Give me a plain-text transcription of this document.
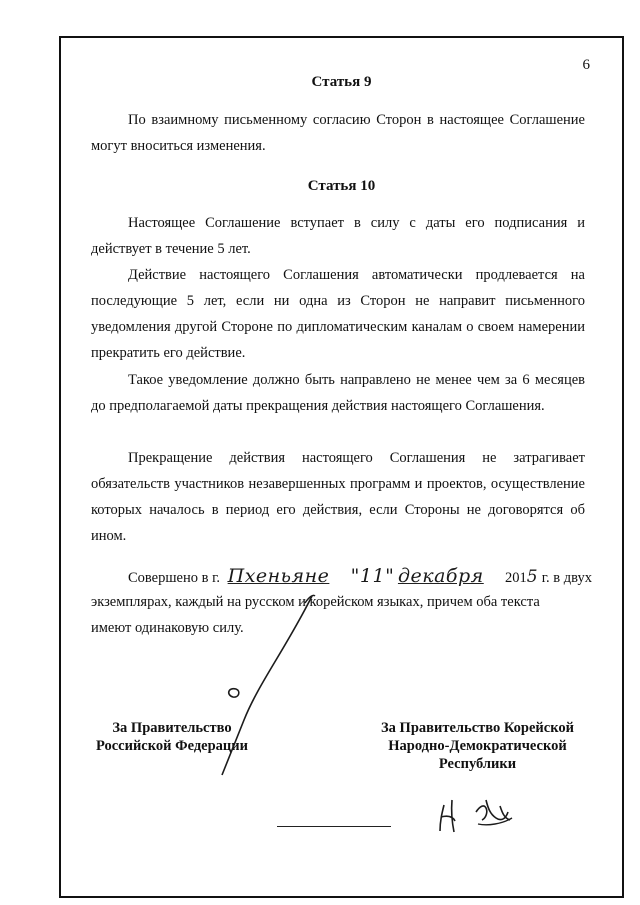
6
Статья 9

По взаимному письменному согласию Сторон в настоящее Соглашение могут вноситься изменения.

Статья 10

Настоящее Соглашение вступает в силу с даты его подписания и действует в течение 5 лет.

Действие настоящего Соглашения автоматически продлевается на последующие 5 лет, если ни одна из Сторон не направит письменного уведомления другой Стороне по дипломатическим каналам о своем намерении прекратить его действие.

Такое уведомление должно быть направлено не менее чем за 6 месяцев до предполагаемой даты прекращения действия настоящего Соглашения.

Прекращение действия настоящего Соглашения не затрагивает обязательств участников незавершенных программ и проектов, осуществление которых началось в период его действия, если Стороны не договорятся об ином.

Совершено в г. Пхеньяне "11" декабря 2015 г. в двух
экземплярах, каждый на русском и корейском языках, причем оба текста
имеют одинаковую силу.
За Правительство
Российской Федерации
За Правительство Корейской
Народно-Демократической
Республики
